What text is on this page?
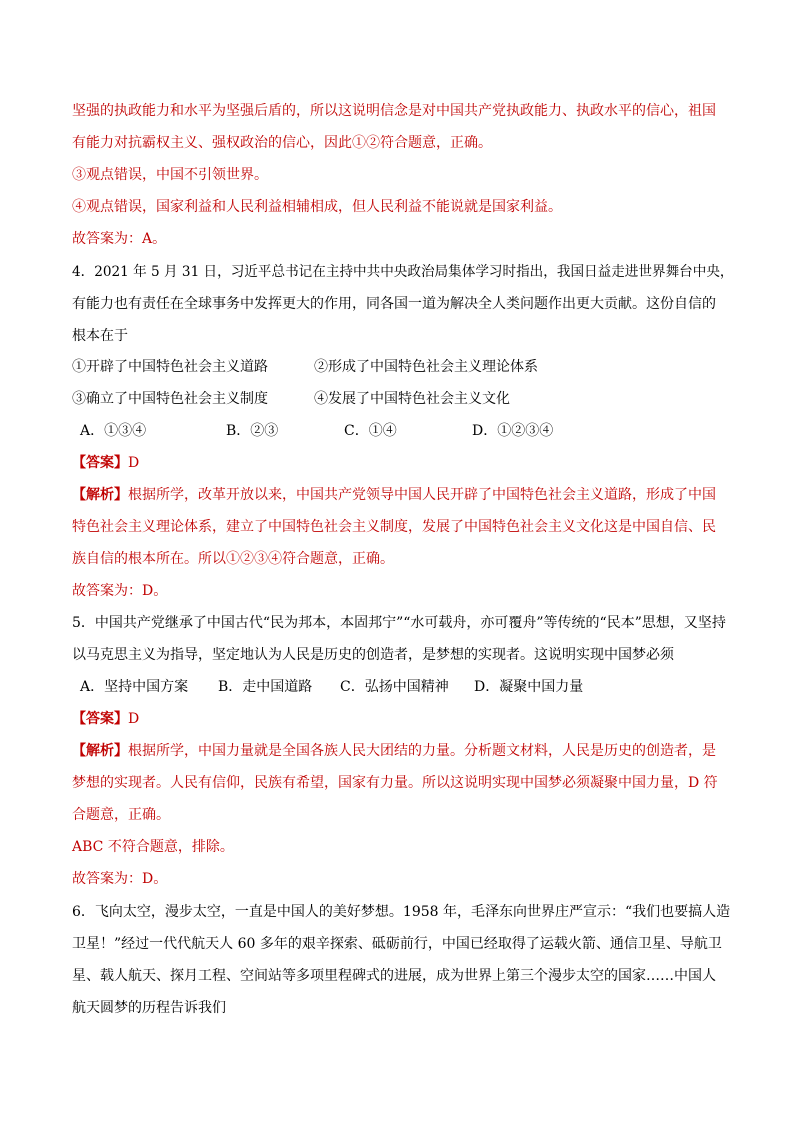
坚强的执政能力和水平为坚强后盾的，所以这说明信念是对中国共产党执政能力、执政水平的信心，祖国
有能力对抗霸权主义、强权政治的信心，因此①②符合题意，正确。
③观点错误，中国不引领世界。
④观点错误，国家利益和人民利益相辅相成，但人民利益不能说就是国家利益。
故答案为：A。
4．2021 年 5 月 31 日，习近平总书记在主持中共中央政治局集体学习时指出，我国日益走进世界舞台中央，
有能力也有责任在全球事务中发挥更大的作用，同各国一道为解决全人类问题作出更大贡献。这份自信的
根本在于
①开辟了中国特色社会主义道路	②形成了中国特色社会主义理论体系
③确立了中国特色社会主义制度	④发展了中国特色社会主义文化
A．①③④	B．②③	C．①④	D．①②③④
【答案】D
【解析】根据所学，改革开放以来，中国共产党领导中国人民开辟了中国特色社会主义道路，形成了中国
特色社会主义理论体系，建立了中国特色社会主义制度，发展了中国特色社会主义文化这是中国自信、民
族自信的根本所在。所以①②③④符合题意，正确。
故答案为：D。
5．中国共产党继承了中国古代“民为邦本，本固邦宁”“水可载舟，亦可覆舟”等传统的“民本”思想，又坚持
以马克思主义为指导，坚定地认为人民是历史的创造者，是梦想的实现者。这说明实现中国梦必须
A．坚持中国方案 B．走中国道路 C．弘扬中国精神 D．凝聚中国力量
【答案】D
【解析】根据所学，中国力量就是全国各族人民大团结的力量。分析题文材料，人民是历史的创造者，是
梦想的实现者。人民有信仰，民族有希望，国家有力量。所以这说明实现中国梦必须凝聚中国力量，D 符
合题意，正确。
ABC 不符合题意，排除。
故答案为：D。
6．飞向太空，漫步太空，一直是中国人的美好梦想。1958 年，毛泽东向世界庄严宣示：“我们也要搞人造
卫星！”经过一代代航天人 60 多年的艰辛探索、砥砺前行，中国已经取得了运载火箭、通信卫星、导航卫
星、载人航天、探月工程、空间站等多项里程碑式的进展，成为世界上第三个漫步太空的国家……中国人
航天圆梦的历程告诉我们
